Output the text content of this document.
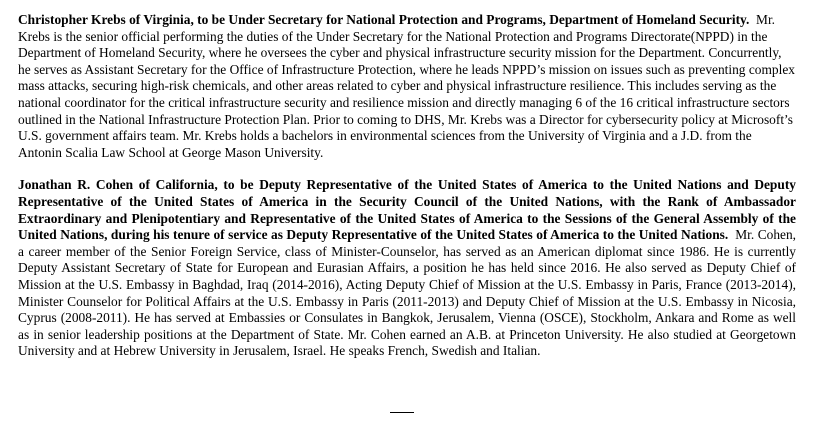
Christopher Krebs of Virginia, to be Under Secretary for National Protection and Programs, Department of Homeland Security. Mr. Krebs is the senior official performing the duties of the Under Secretary for the National Protection and Programs Directorate(NPPD) in the Department of Homeland Security, where he oversees the cyber and physical infrastructure security mission for the Department. Concurrently, he serves as Assistant Secretary for the Office of Infrastructure Protection, where he leads NPPD’s mission on issues such as preventing complex mass attacks, securing high-risk chemicals, and other areas related to cyber and physical infrastructure resilience. This includes serving as the national coordinator for the critical infrastructure security and resilience mission and directly managing 6 of the 16 critical infrastructure sectors outlined in the National Infrastructure Protection Plan. Prior to coming to DHS, Mr. Krebs was a Director for cybersecurity policy at Microsoft’s U.S. government affairs team. Mr. Krebs holds a bachelors in environmental sciences from the University of Virginia and a J.D. from the Antonin Scalia Law School at George Mason University.

Jonathan R. Cohen of California, to be Deputy Representative of the United States of America to the United Nations and Deputy Representative of the United States of America in the Security Council of the United Nations, with the Rank of Ambassador Extraordinary and Plenipotentiary and Representative of the United States of America to the Sessions of the General Assembly of the United Nations, during his tenure of service as Deputy Representative of the United States of America to the United Nations. Mr. Cohen, a career member of the Senior Foreign Service, class of Minister-Counselor, has served as an American diplomat since 1986. He is currently Deputy Assistant Secretary of State for European and Eurasian Affairs, a position he has held since 2016. He also served as Deputy Chief of Mission at the U.S. Embassy in Baghdad, Iraq (2014-2016), Acting Deputy Chief of Mission at the U.S. Embassy in Paris, France (2013-2014), Minister Counselor for Political Affairs at the U.S. Embassy in Paris (2011-2013) and Deputy Chief of Mission at the U.S. Embassy in Nicosia, Cyprus (2008-2011). He has served at Embassies or Consulates in Bangkok, Jerusalem, Vienna (OSCE), Stockholm, Ankara and Rome as well as in senior leadership positions at the Department of State. Mr. Cohen earned an A.B. at Princeton University. He also studied at Georgetown University and at Hebrew University in Jerusalem, Israel. He speaks French, Swedish and Italian.
